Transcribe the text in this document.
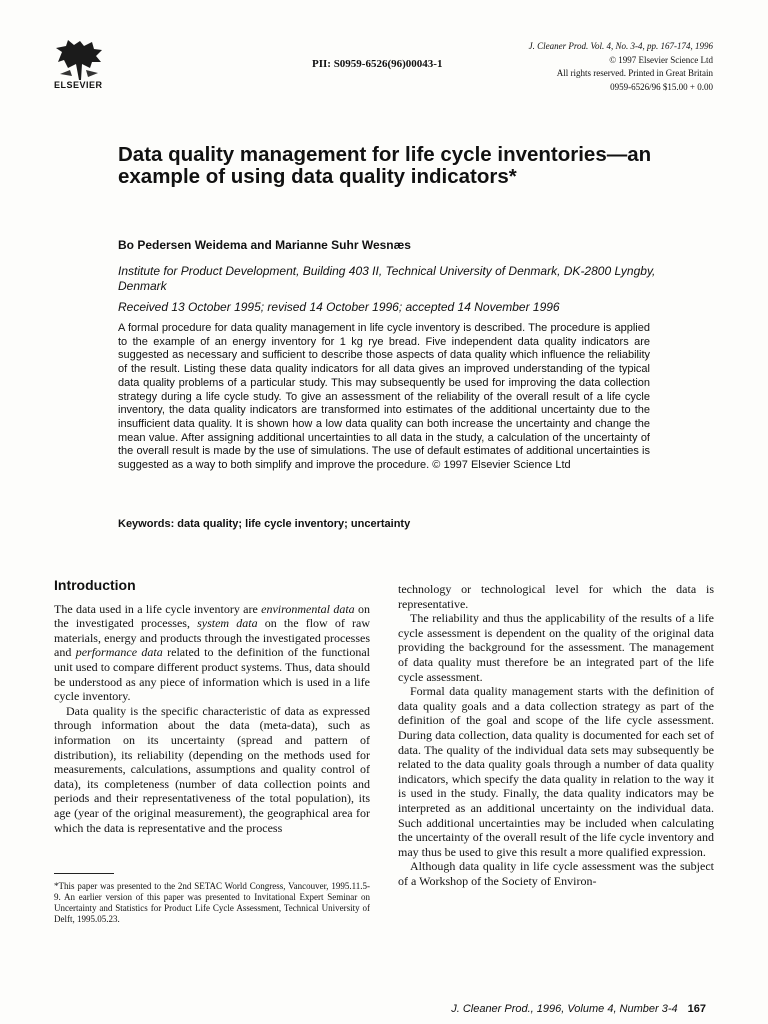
ELSEVIER
PII: S0959-6526(96)00043-1
J. Cleaner Prod. Vol. 4, No. 3-4, pp. 167-174, 1996
© 1997 Elsevier Science Ltd
All rights reserved. Printed in Great Britain
0959-6526/96 $15.00 + 0.00
Data quality management for life cycle inventories—an example of using data quality indicators*
Bo Pedersen Weidema and Marianne Suhr Wesnæs
Institute for Product Development, Building 403 II, Technical University of Denmark, DK-2800 Lyngby, Denmark
Received 13 October 1995; revised 14 October 1996; accepted 14 November 1996
A formal procedure for data quality management in life cycle inventory is described. The procedure is applied to the example of an energy inventory for 1 kg rye bread. Five independent data quality indicators are suggested as necessary and sufficient to describe those aspects of data quality which influence the reliability of the result. Listing these data quality indicators for all data gives an improved understanding of the typical data quality problems of a particular study. This may subsequently be used for improving the data collection strategy during a life cycle study. To give an assessment of the reliability of the overall result of a life cycle inventory, the data quality indicators are transformed into estimates of the additional uncertainty due to the insufficient data quality. It is shown how a low data quality can both increase the uncertainty and change the mean value. After assigning additional uncertainties to all data in the study, a calculation of the uncertainty of the overall result is made by the use of simulations. The use of default estimates of additional uncertainties is suggested as a way to both simplify and improve the procedure. © 1997 Elsevier Science Ltd
Keywords: data quality; life cycle inventory; uncertainty
Introduction

The data used in a life cycle inventory are environmental data on the investigated processes, system data on the flow of raw materials, energy and products through the investigated processes and performance data related to the definition of the functional unit used to compare different product systems. Thus, data should be understood as any piece of information which is used in a life cycle inventory.

Data quality is the specific characteristic of data as expressed through information about the data (meta-data), such as information on its uncertainty (spread and pattern of distribution), its reliability (depending on the methods used for measurements, calculations, assumptions and quality control of data), its completeness (number of data collection points and periods and their representativeness of the total population), its age (year of the original measurement), the geographical area for which the data is representative and the process

*This paper was presented to the 2nd SETAC World Congress, Vancouver, 1995.11.5-9. An earlier version of this paper was presented to Invitational Expert Seminar on Uncertainty and Statistics for Product Life Cycle Assessment, Technical University of Delft, 1995.05.23.

technology or technological level for which the data is representative.

The reliability and thus the applicability of the results of a life cycle assessment is dependent on the quality of the original data providing the background for the assessment. The management of data quality must therefore be an integrated part of the life cycle assessment.

Formal data quality management starts with the definition of data quality goals and a data collection strategy as part of the definition of the goal and scope of the life cycle assessment. During data collection, data quality is documented for each set of data. The quality of the individual data sets may subsequently be related to the data quality goals through a number of data quality indicators, which specify the data quality in relation to the way it is used in the study. Finally, the data quality indicators may be interpreted as an additional uncertainty on the individual data. Such additional uncertainties may be included when calculating the uncertainty of the overall result of the life cycle inventory and may thus be used to give this result a more qualified expression.

Although data quality in life cycle assessment was the subject of a Workshop of the Society of Environ-

J. Cleaner Prod., 1996, Volume 4, Number 3-4 167
